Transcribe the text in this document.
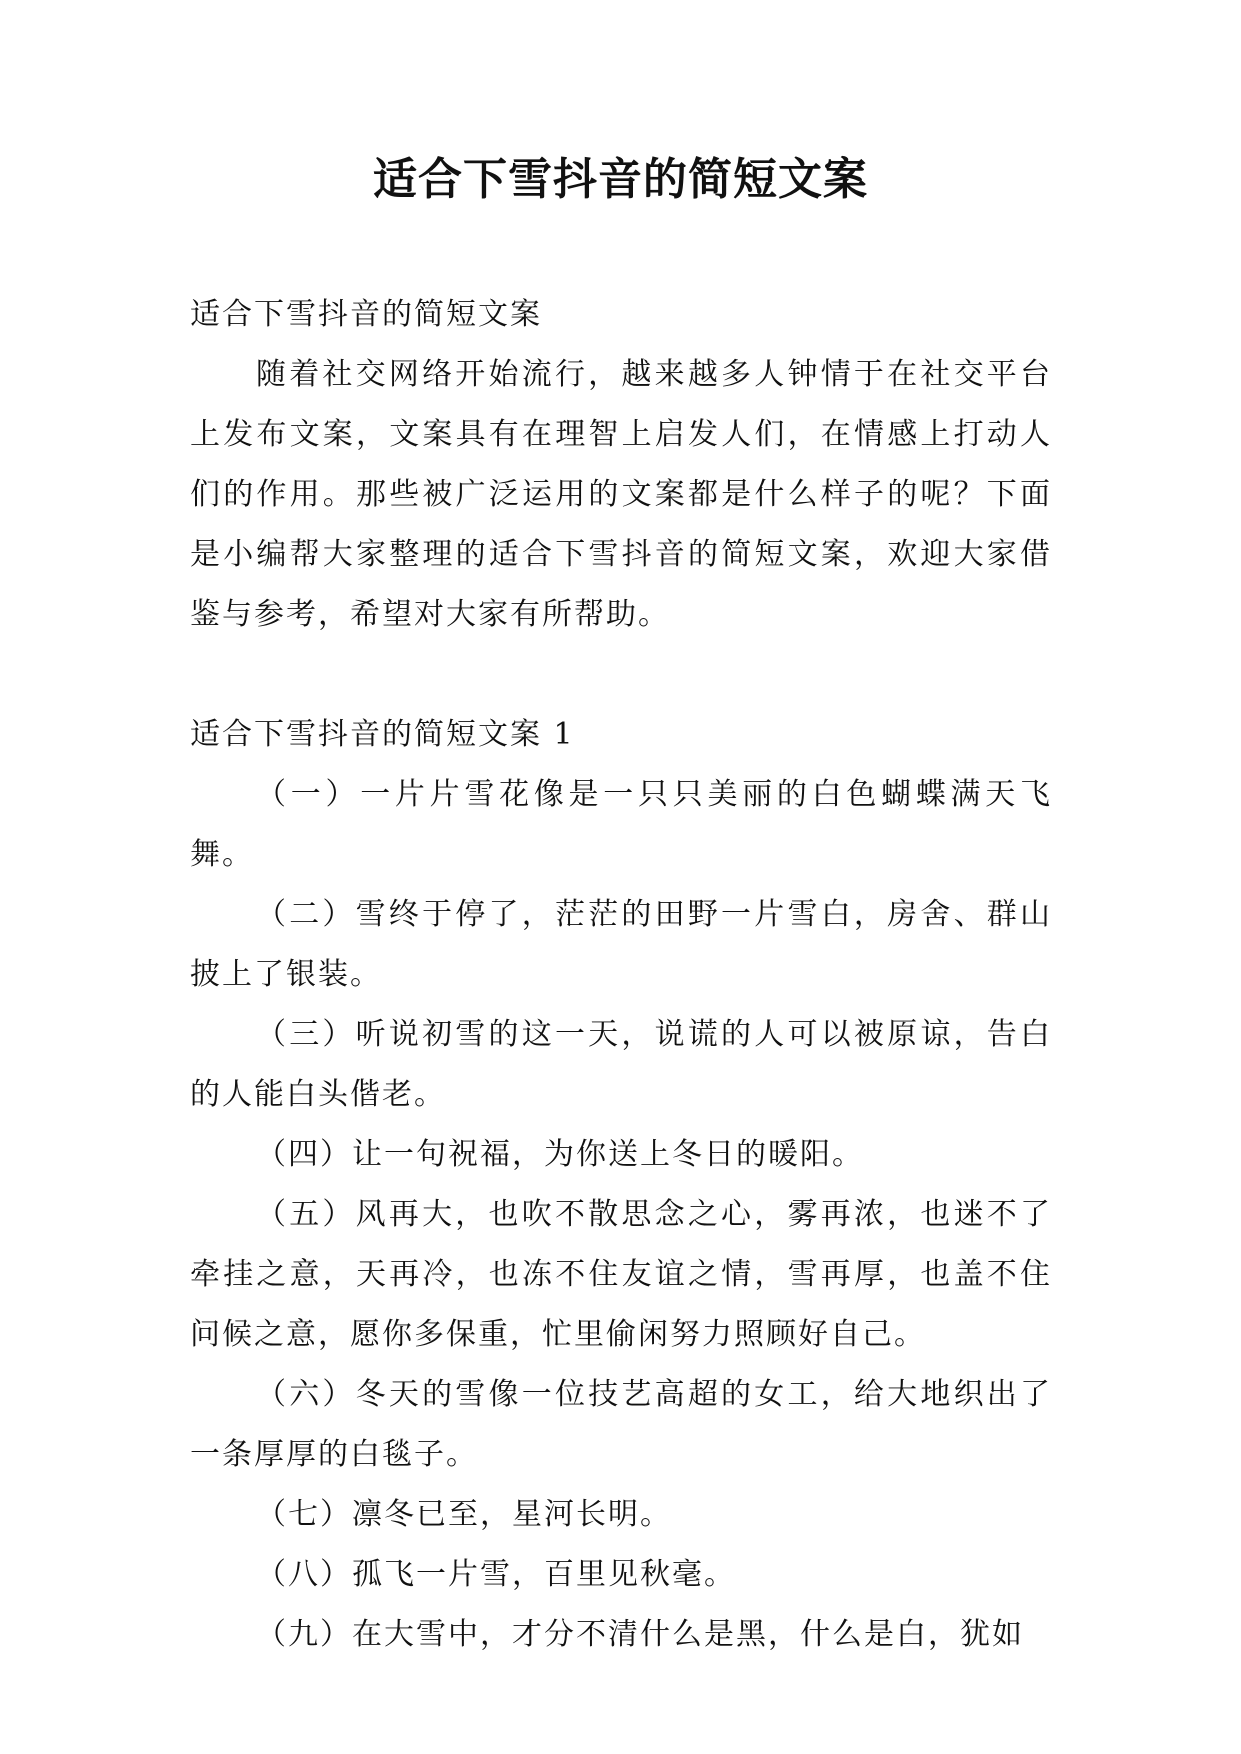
适合下雪抖音的简短文案

适合下雪抖音的简短文案

随着社交网络开始流行，越来越多人钟情于在社交平台上发布文案，文案具有在理智上启发人们，在情感上打动人们的作用。那些被广泛运用的文案都是什么样子的呢？下面是小编帮大家整理的适合下雪抖音的简短文案，欢迎大家借鉴与参考，希望对大家有所帮助。

适合下雪抖音的简短文案 1

（一）一片片雪花像是一只只美丽的白色蝴蝶满天飞舞。

（二）雪终于停了，茫茫的田野一片雪白，房舍、群山披上了银装。

（三）听说初雪的这一天，说谎的人可以被原谅，告白的人能白头偕老。

（四）让一句祝福，为你送上冬日的暖阳。

（五）风再大，也吹不散思念之心，雾再浓，也迷不了牵挂之意，天再冷，也冻不住友谊之情，雪再厚，也盖不住问候之意，愿你多保重，忙里偷闲努力照顾好自己。

（六）冬天的雪像一位技艺高超的女工，给大地织出了一条厚厚的白毯子。

（七）凛冬已至，星河长明。

（八）孤飞一片雪，百里见秋毫。

（九）在大雪中，才分不清什么是黑，什么是白，犹如
